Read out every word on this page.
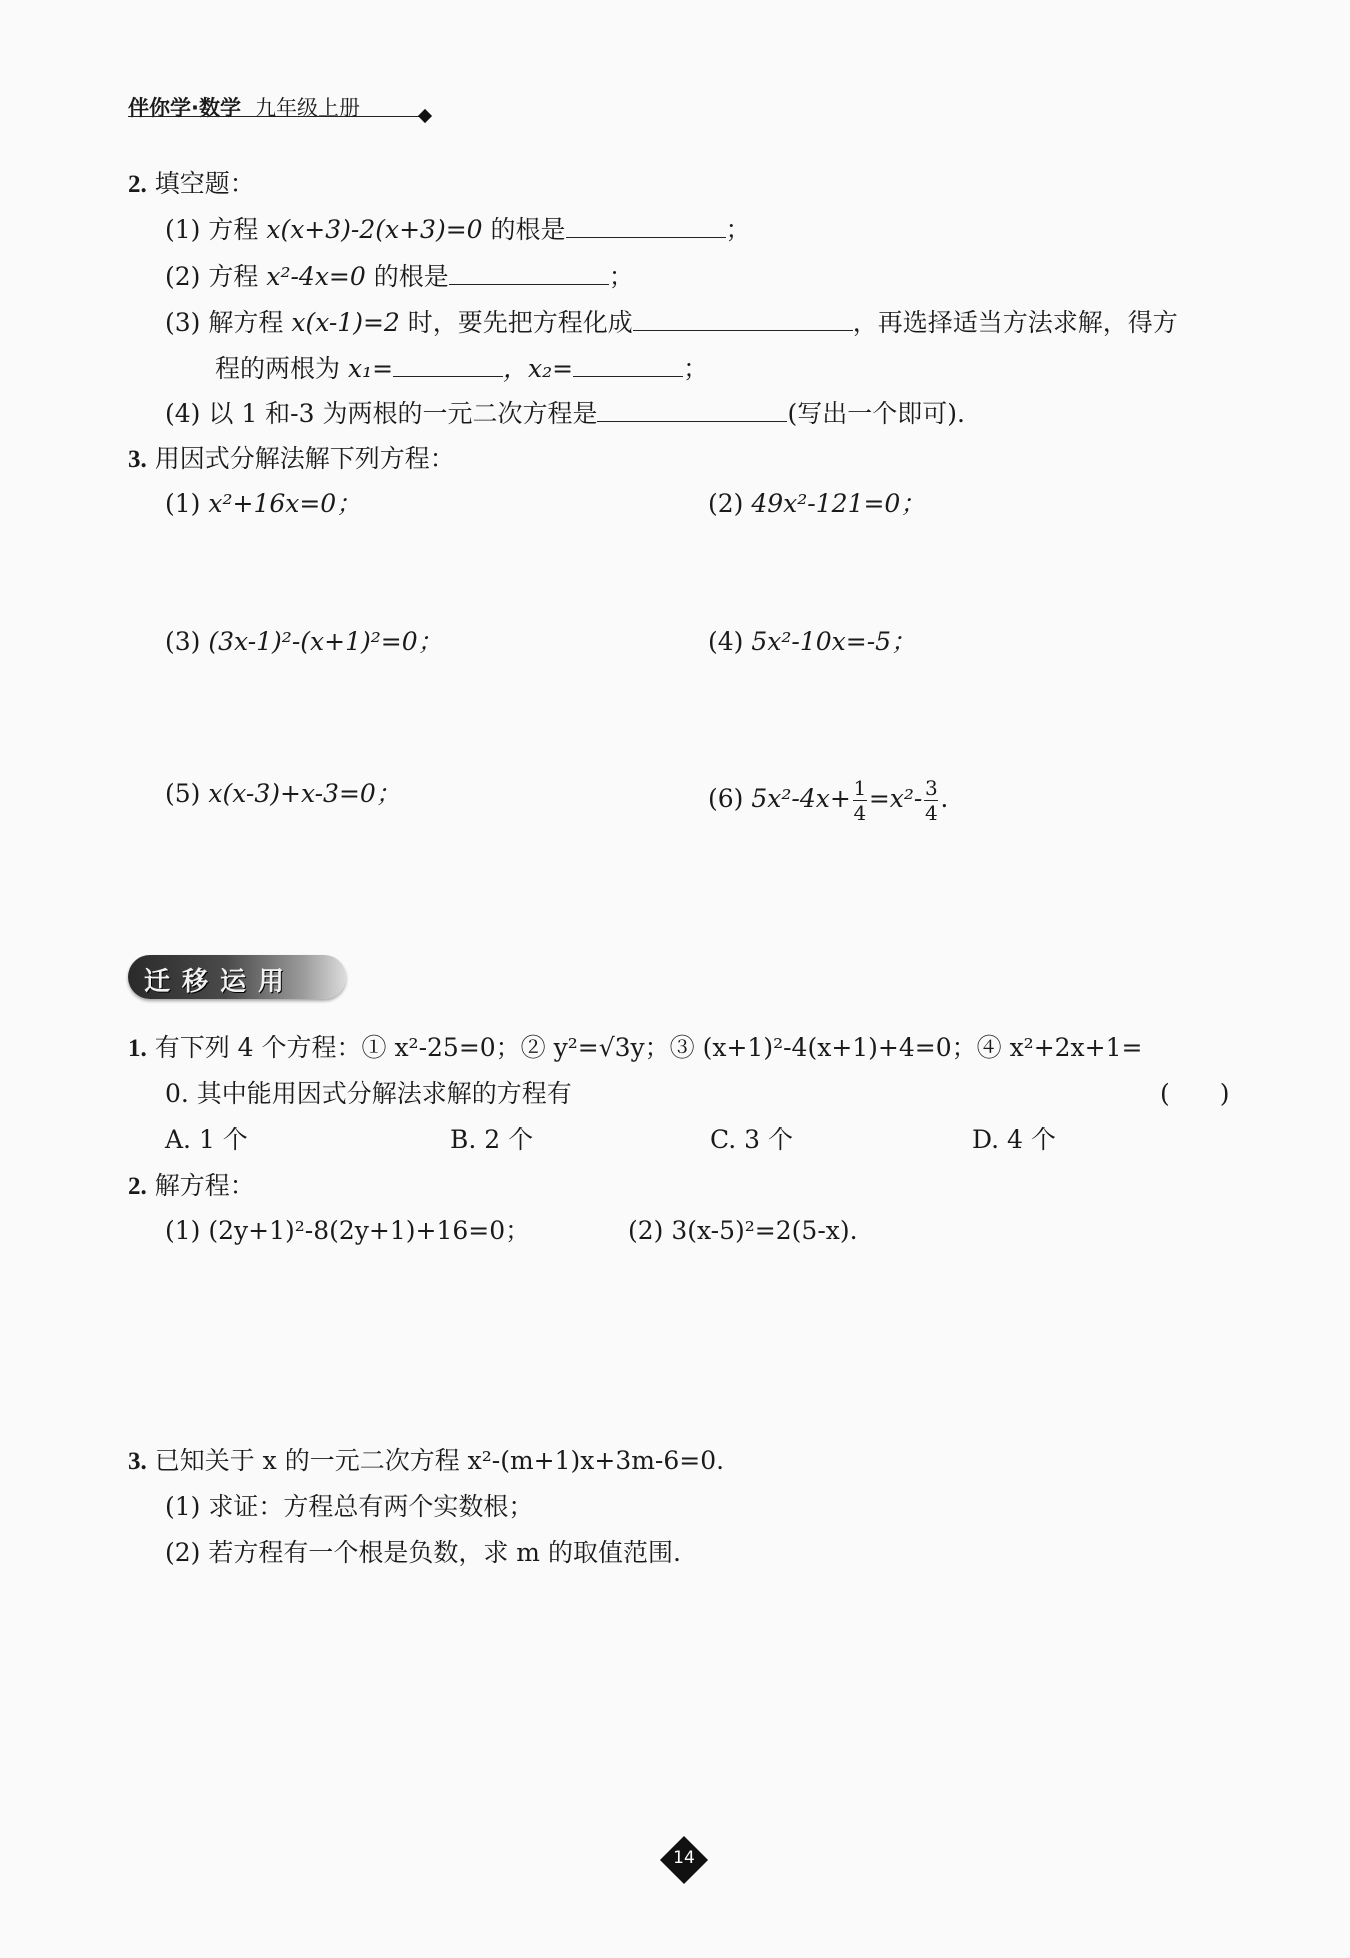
伴你学·数学 九年级上册
2. 填空题：
(1) 方程 x(x+3)-2(x+3)=0 的根是	；
(2) 方程 x²-4x=0 的根是	；
(3) 解方程 x(x-1)=2 时，要先把方程化成	，再选择适当方法求解，得方
程的两根为 x₁=	，x₂=	；
(4) 以 1 和-3 为两根的一元二次方程是	(写出一个即可).
3. 用因式分解法解下列方程：
(1) x²+16x=0；	(2) 49x²-121=0；
(3) (3x-1)²-(x+1)²=0；	(4) 5x²-10x=-5；
(5) x(x-3)+x-3=0；	(6) $5x^2-4x+ \frac{1}{4} =x^2- \frac{3}{4}$ .
迁移运用
1. 有下列 4 个方程：① x²-25=0；② y²=√3y；③ (x+1)²-4(x+1)+4=0；④ x²+2x+1=
0. 其中能用因式分解法求解的方程有	(　　)
A. 1 个	B. 2 个	C. 3 个	D. 4 个
2. 解方程：
(1) (2y+1)²-8(2y+1)+16=0；	(2) 3(x-5)²=2(5-x).
3. 已知关于 x 的一元二次方程 x²-(m+1)x+3m-6=0.
(1) 求证：方程总有两个实数根；
(2) 若方程有一个根是负数，求 m 的取值范围.
14
